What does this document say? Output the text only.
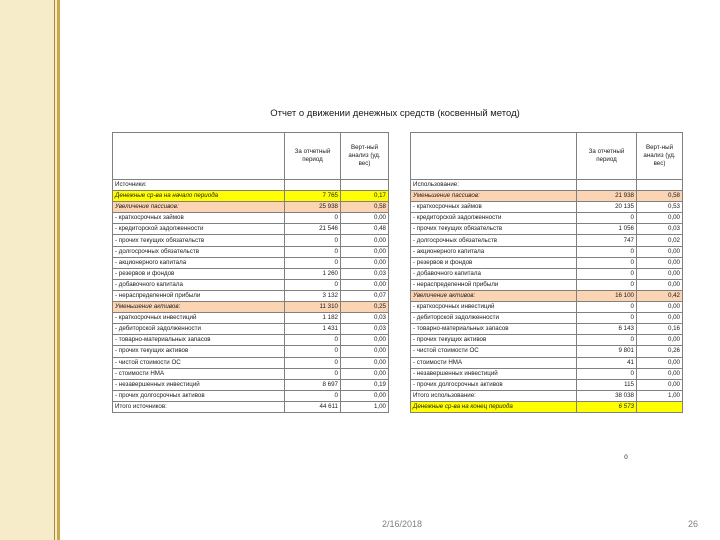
Отчет о движении денежных средств (косвенный метод)
	За отчетный период	Верт-ный анализ (уд. вес)
Источники:		
Денежные ср-ва на начало периода	7 765	0,17
Увеличение пассивов:	25 938	0,58
- краткосрочных займов	0	0,00
- кредиторской задолженности	21 546	0,48
- прочих текущих обязательств	0	0,00
- долгосрочных обязательств	0	0,00
- акционерного капитала	0	0,00
- резервов и фондов	1 260	0,03
- добавочного капитала	0	0,00
- нераспределенной прибыли	3 132	0,07
Уменьшение активов:	11 310	0,25
- краткосрочных инвестиций	1 182	0,03
- дебиторской задолженности	1 431	0,03
- товарно-материальных запасов	0	0,00
- прочих текущих активов	0	0,00
- чистой стоимости ОС	0	0,00
- стоимости НМА	0	0,00
- незавершенных инвестиций	8 697	0,19
- прочих долгосрочных активов	0	0,00
Итого источников:	44 611	1,00
	За отчетный период	Верт-ный анализ (уд. вес)
Использование:		
Уменьшение пассивов:	21 938	0,58
- краткосрочных займов	20 135	0,53
- кредиторской задолженности	0	0,00
- прочих текущих обязательств	1 056	0,03
- долгосрочных обязательств	747	0,02
- акционерного капитала	0	0,00
- резервов и фондов	0	0,00
- добавочного капитала	0	0,00
- нераспределенной прибыли	0	0,00
Увеличение активов:	16 100	0,42
- краткосрочных инвестиций	0	0,00
- дебиторской задолженности	0	0,00
- товарно-материальных запасов	6 143	0,16
- прочих текущих активов	0	0,00
- чистой стоимости ОС	9 801	0,26
- стоимости НМА	41	0,00
- незавершенных инвестиций	0	0,00
- прочих долгосрочных активов	115	0,00
Итого использование:	38 038	1,00
Денежные ср-ва на конец периода	6 573	
0
2/16/2018	26
